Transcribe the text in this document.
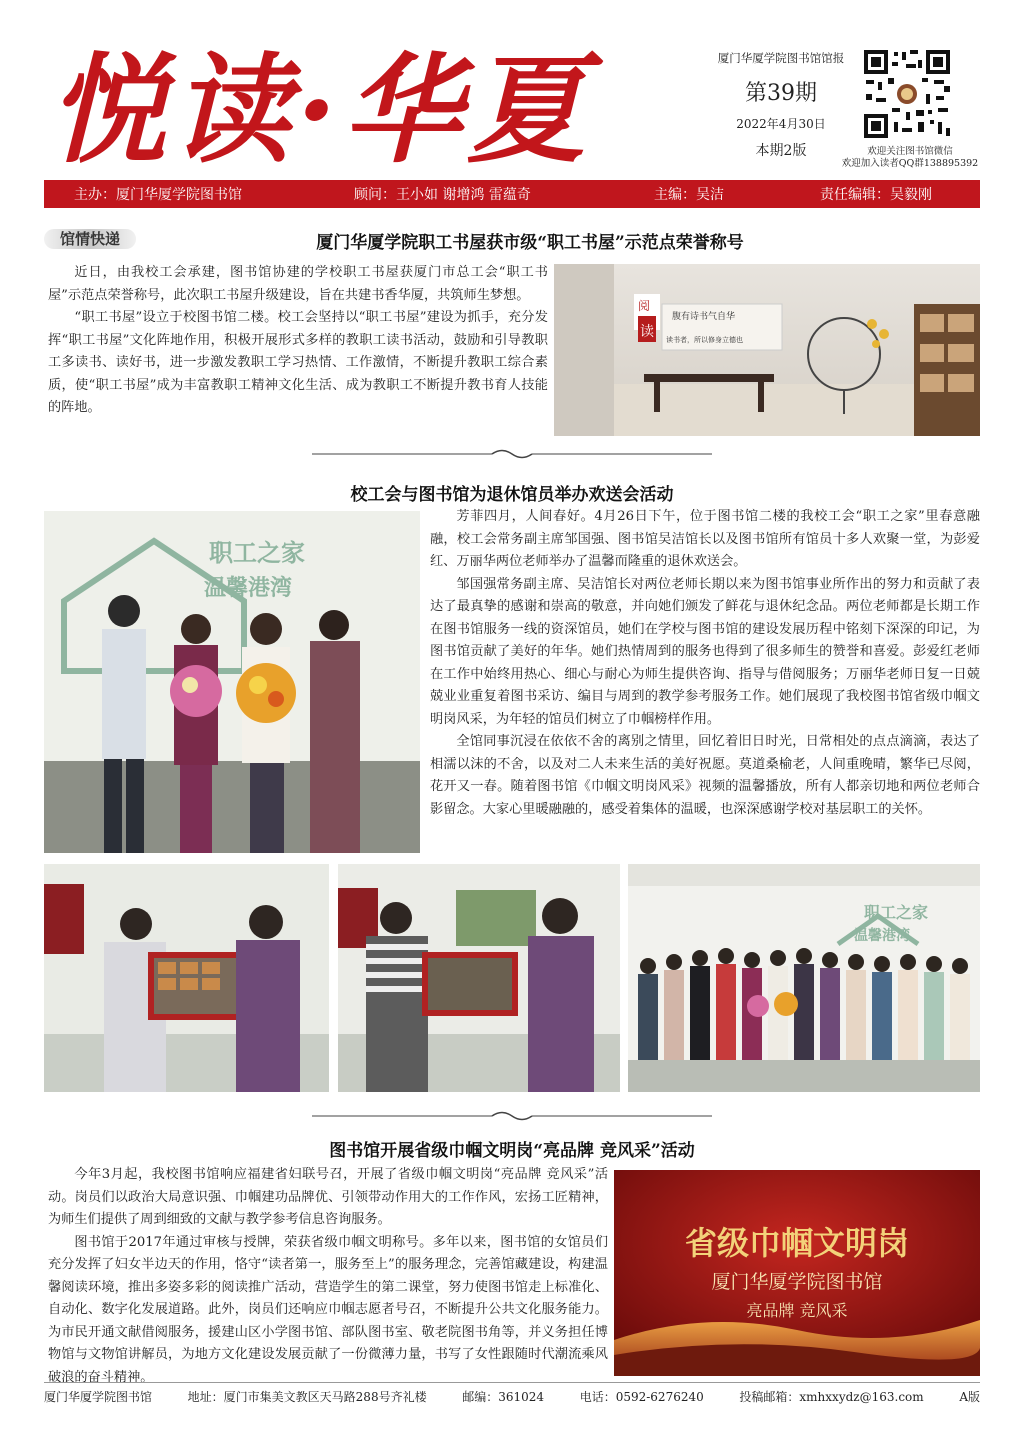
悦读·华夏	厦门华厦学院图书馆馆报
第39期
2022年4月30日
本期2版	欢迎关注图书馆微信
欢迎加入读者QQ群138895392
主办：厦门华厦学院图书馆	顾问：王小如 谢增鸿 雷蕴奇	主编：吴洁	责任编辑：吴毅刚
馆情快递	厦门华厦学院职工书屋获市级“职工书屋”示范点荣誉称号

近日，由我校工会承建，图书馆协建的学校职工书屋获厦门市总工会“职工书屋”示范点荣誉称号，此次职工书屋升级建设，旨在共建书香华厦，共筑师生梦想。

“职工书屋”设立于校图书馆二楼。校工会坚持以“职工书屋”建设为抓手，充分发挥“职工书屋”文化阵地作用，积极开展形式多样的教职工读书活动，鼓励和引导教职工多读书、读好书，进一步激发教职工学习热情、工作激情，不断提升教职工综合素质，使“职工书屋”成为丰富教职工精神文化生活、成为教职工不断提升教书育人技能的阵地。

读
阅
腹有诗书气自华
读书者，所以修身立德也
校工会与图书馆为退休馆员举办欢送会活动
职工之家
温馨港湾

芳菲四月，人间春好。4月26日下午，位于图书馆二楼的我校工会“职工之家”里春意融融，校工会常务副主席邹国强、图书馆吴洁馆长以及图书馆所有馆员十多人欢聚一堂，为彭爱红、万丽华两位老师举办了温馨而隆重的退休欢送会。

邹国强常务副主席、吴洁馆长对两位老师长期以来为图书馆事业所作出的努力和贡献了表达了最真挚的感谢和崇高的敬意，并向她们颁发了鲜花与退休纪念品。两位老师都是长期工作在图书馆服务一线的资深馆员，她们在学校与图书馆的建设发展历程中铭刻下深深的印记，为图书馆贡献了美好的年华。她们热情周到的服务也得到了很多师生的赞誉和喜爱。彭爱红老师在工作中始终用热心、细心与耐心为师生提供咨询、指导与借阅服务；万丽华老师日复一日兢兢业业重复着图书采访、编目与周到的教学参考服务工作。她们展现了我校图书馆省级巾帼文明岗风采，为年轻的馆员们树立了巾帼榜样作用。

全馆同事沉浸在依依不舍的离别之情里，回忆着旧日时光，日常相处的点点滴滴，表达了相濡以沫的不舍，以及对二人未来生活的美好祝愿。莫道桑榆老，人间重晚晴，繁华已尽阅，花开又一春。随着图书馆《巾帼文明岗风采》视频的温馨播放，所有人都亲切地和两位老师合影留念。大家心里暖融融的，感受着集体的温暖，也深深感谢学校对基层职工的关怀。

职工之家
温馨港湾
图书馆开展省级巾帼文明岗“亮品牌 竞风采”活动

今年3月起，我校图书馆响应福建省妇联号召，开展了省级巾帼文明岗“亮品牌 竞风采”活动。岗员们以政治大局意识强、巾帼建功品牌优、引领带动作用大的工作作风，宏扬工匠精神，为师生们提供了周到细致的文献与教学参考信息咨询服务。

图书馆于2017年通过审核与授牌，荣获省级巾帼文明称号。多年以来，图书馆的女馆员们充分发挥了妇女半边天的作用，恪守“读者第一，服务至上”的服务理念，完善馆藏建设，构建温馨阅读环境，推出多姿多彩的阅读推广活动，营造学生的第二课堂，努力使图书馆走上标准化、自动化、数字化发展道路。此外，岗员们还响应巾帼志愿者号召，不断提升公共文化服务能力。为市民开通文献借阅服务，援建山区小学图书馆、部队图书室、敬老院图书角等，并义务担任博物馆与文物馆讲解员，为地方文化建设发展贡献了一份微薄力量，书写了女性跟随时代潮流乘风破浪的奋斗精神。

省级巾帼文明岗
厦门华厦学院图书馆
亮品牌 竞风采
厦门华厦学院图书馆	地址：厦门市集美文教区天马路288号齐礼楼	邮编：361024	电话：0592-6276240	投稿邮箱：xmhxxydz@163.com	A版
